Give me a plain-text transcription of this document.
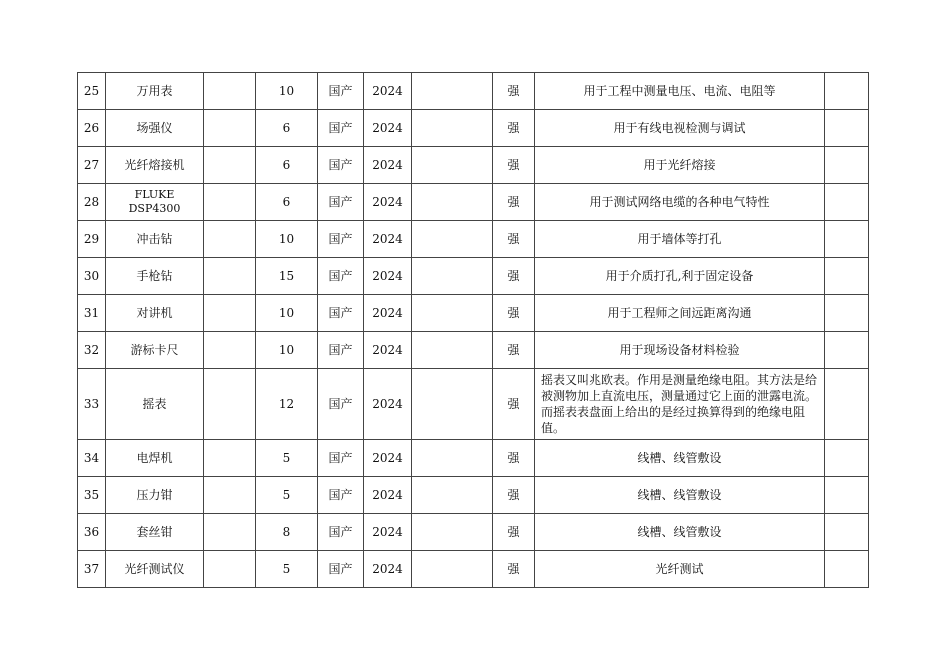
25	万用表		10	国产	2024		强	用于工程中测量电压、电流、电阻等	
26	场强仪		6	国产	2024		强	用于有线电视检测与调试	
27	光纤熔接机		6	国产	2024		强	用于光纤熔接	
28	FLUKE DSP4300		6	国产	2024		强	用于测试网络电缆的各种电气特性	
29	冲击钻		10	国产	2024		强	用于墙体等打孔	
30	手枪钻		15	国产	2024		强	用于介质打孔,利于固定设备	
31	对讲机		10	国产	2024		强	用于工程师之间远距离沟通	
32	游标卡尺		10	国产	2024		强	用于现场设备材料检验	
33	摇表		12	国产	2024		强	摇表又叫兆欧表。作用是测量绝缘电阻。其方法是给被测物加上直流电压，测量通过它上面的泄露电流。而摇表表盘面上给出的是经过换算得到的绝缘电阻值。	
34	电焊机		5	国产	2024		强	线槽、线管敷设	
35	压力钳		5	国产	2024		强	线槽、线管敷设	
36	套丝钳		8	国产	2024		强	线槽、线管敷设	
37	光纤测试仪		5	国产	2024		强	光纤测试	
